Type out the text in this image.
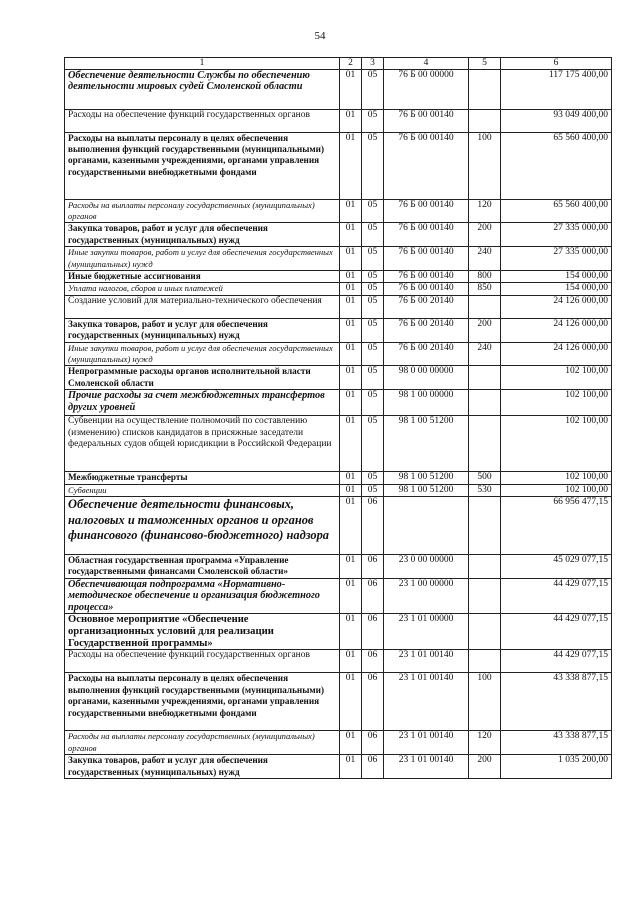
54
1	2	3	4	5	6
Обеспечение деятельности Службы по обеспечению деятельности мировых судей Смоленской области	01	05	76 Б 00 00000		117 175 400,00
Расходы на обеспечение функций государственных органов	01	05	76 Б 00 00140		93 049 400,00
Расходы на выплаты персоналу в целях обеспечения выполнения функций государственными (муниципальными) органами, казенными учреждениями, органами управления государственными внебюджетными фондами	01	05	76 Б 00 00140	100	65 560 400,00
Расходы на выплаты персоналу государственных (муниципальных) органов	01	05	76 Б 00 00140	120	65 560 400,00
Закупка товаров, работ и услуг для обеспечения государственных (муниципальных) нужд	01	05	76 Б 00 00140	200	27 335 000,00
Иные закупки товаров, работ и услуг для обеспечения государственных (муниципальных) нужд	01	05	76 Б 00 00140	240	27 335 000,00
Иные бюджетные ассигнования	01	05	76 Б 00 00140	800	154 000,00
Уплата налогов, сборов и иных платежей	01	05	76 Б 00 00140	850	154 000,00
Создание условий для материально-технического обеспечения	01	05	76 Б 00 20140		24 126 000,00
Закупка товаров, работ и услуг для обеспечения государственных (муниципальных) нужд	01	05	76 Б 00 20140	200	24 126 000,00
Иные закупки товаров, работ и услуг для обеспечения государственных (муниципальных) нужд	01	05	76 Б 00 20140	240	24 126 000,00
Непрограммные расходы органов исполнительной власти Смоленской области	01	05	98 0 00 00000		102 100,00
Прочие расходы за счет межбюджетных трансфертов других уровней	01	05	98 1 00 00000		102 100,00
Субвенции на осуществление полномочий по составлению (изменению) списков кандидатов в присяжные заседатели федеральных судов общей юрисдикции в Российской Федерации	01	05	98 1 00 51200		102 100,00
Межбюджетные трансферты	01	05	98 1 00 51200	500	102 100,00
Субвенции	01	05	98 1 00 51200	530	102 100,00
Обеспечение деятельности финансовых, налоговых и таможенных органов и органов финансового (финансово-бюджетного) надзора	01	06			66 956 477,15
Областная государственная программа «Управление государственными финансами Смоленской области»	01	06	23 0 00 00000		45 029 077,15
Обеспечивающая подпрограмма «Нормативно-методическое обеспечение и организация бюджетного процесса»	01	06	23 1 00 00000		44 429 077,15
Основное мероприятие «Обеспечение организационных условий для реализации Государственной программы»	01	06	23 1 01 00000		44 429 077,15
Расходы на обеспечение функций государственных органов	01	06	23 1 01 00140		44 429 077,15
Расходы на выплаты персоналу в целях обеспечения выполнения функций государственными (муниципальными) органами, казенными учреждениями, органами управления государственными внебюджетными фондами	01	06	23 1 01 00140	100	43 338 877,15
Расходы на выплаты персоналу государственных (муниципальных) органов	01	06	23 1 01 00140	120	43 338 877,15
Закупка товаров, работ и услуг для обеспечения государственных (муниципальных) нужд	01	06	23 1 01 00140	200	1 035 200,00
